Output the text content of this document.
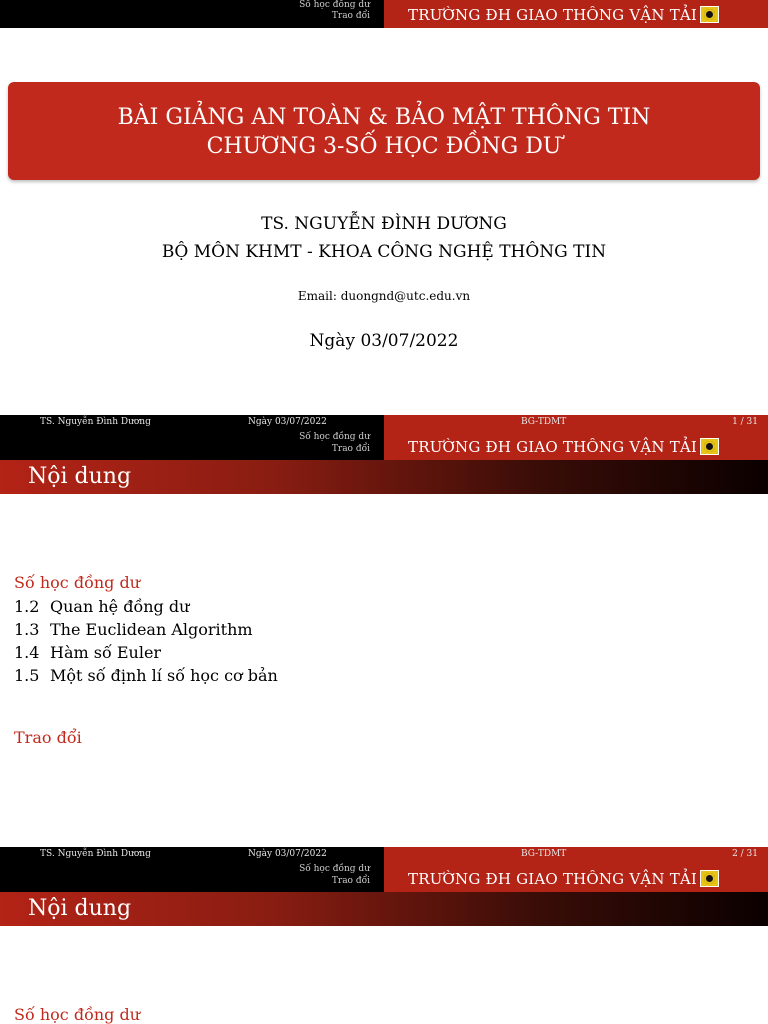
Số học đồng dư
Trao đổi	TRƯỜNG ĐH GIAO THÔNG VẬN TẢI
BÀI GIẢNG AN TOÀN & BẢO MẬT THÔNG TIN
CHƯƠNG 3-SỐ HỌC ĐỒNG DƯ
TS. NGUYỄN ĐÌNH DƯƠNG
BỘ MÔN KHMT - KHOA CÔNG NGHỆ THÔNG TIN
Email: duongnd@utc.edu.vn
Ngày 03/07/2022
TS. Nguyễn Đình Dương	Ngày 03/07/2022	BG-TDMT	1 / 31
Số học đồng dư
Trao đổi	TRƯỜNG ĐH GIAO THÔNG VẬN TẢI
Nội dung
Số học đồng dư
1.2 Quan hệ đồng dư
1.3 The Euclidean Algorithm
1.4 Hàm số Euler
1.5 Một số định lí số học cơ bản
Trao đổi
TS. Nguyễn Đình Dương	Ngày 03/07/2022	BG-TDMT	2 / 31
Số học đồng dư
Trao đổi	TRƯỜNG ĐH GIAO THÔNG VẬN TẢI
Nội dung
Số học đồng dư
